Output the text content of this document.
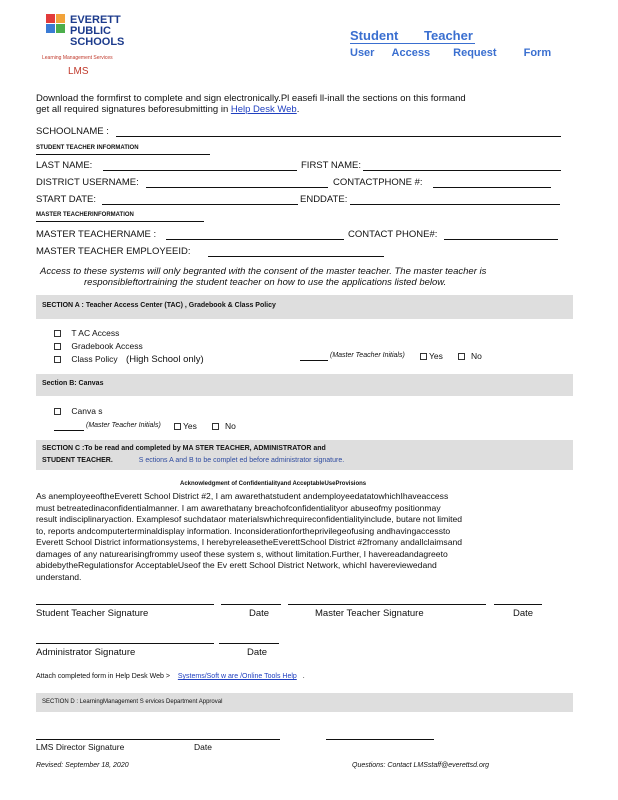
EVERETT
PUBLIC
SCHOOLS
Learning Management Services
LMS
Student Teacher
User Access Request Form
Download the formfirst to complete and sign electronically.Pl easefi ll-inall the sections on this formand
get all required signatures beforesubmitting in Help Desk Web.
SCHOOLNAME :
STUDENT TEACHER INFORMATION
LAST NAME:	FIRST NAME:
DISTRICT USERNAME:	CONTACTPHONE #:
START DATE:	ENDDATE:
MASTER TEACHERINFORMATION
MASTER TEACHERNAME :	CONTACT PHONE#:
MASTER TEACHER EMPLOYEEID:
Access to these systems will only begranted with the consent of the master teacher. The master teacher is
responsibleftortraining the student teacher on how to use the applications listed below.
SECTION A : Teacher Access Center (TAC) , Gradebook & Class Policy
T AC Access
Gradebook Access
Class Policy (High School only)	(Master Teacher Initials)	Yes	No
Section B: Canvas
Canva s
(Master Teacher Initials)	Yes	No
SECTION C :To be read and completed by MA STER TEACHER, ADMINISTRATOR and
STUDENT TEACHER.	S ections A and B to be complet ed before administrator signature.
Acknowledgment of Confidentialityand AcceptableUseProvisions
As anemployeeoftheEverett School District #2, I am awarethatstudent andemployeedatatowhichIhaveaccess
must betreatedinaconfidentialmanner. I am awarethatany breachofconfidentialityor abuseofmy positionmay
result indisciplinaryaction. Examplesof suchdataor materialswhichrequireconfidentialityinclude, butare not limited
to, reports andcomputerterminaldisplay information. Inconsiderationfortheprivilegeofusing andhavingaccessto
Everett School District informationsystems, I herebyreleasetheEverettSchool District #2fromany andallclaimsand
damages of any naturearisingfrommy useof these system s, without limitation.Further, I havereadandagreeto
abidebytheRegulationsfor AcceptableUseof the Ev erett School District Network, whichI havereviewedand
understand.
Student Teacher Signature	Date	Master Teacher Signature	Date
Administrator Signature	Date
Attach completed form in Help Desk Web > Systems/Soft w are /Online Tools Help .
SECTION D : LearningManagement S ervices Department Approval
LMS Director Signature	Date
Revised: September 18, 2020	Questions: Contact LMSstaff@everettsd.org
